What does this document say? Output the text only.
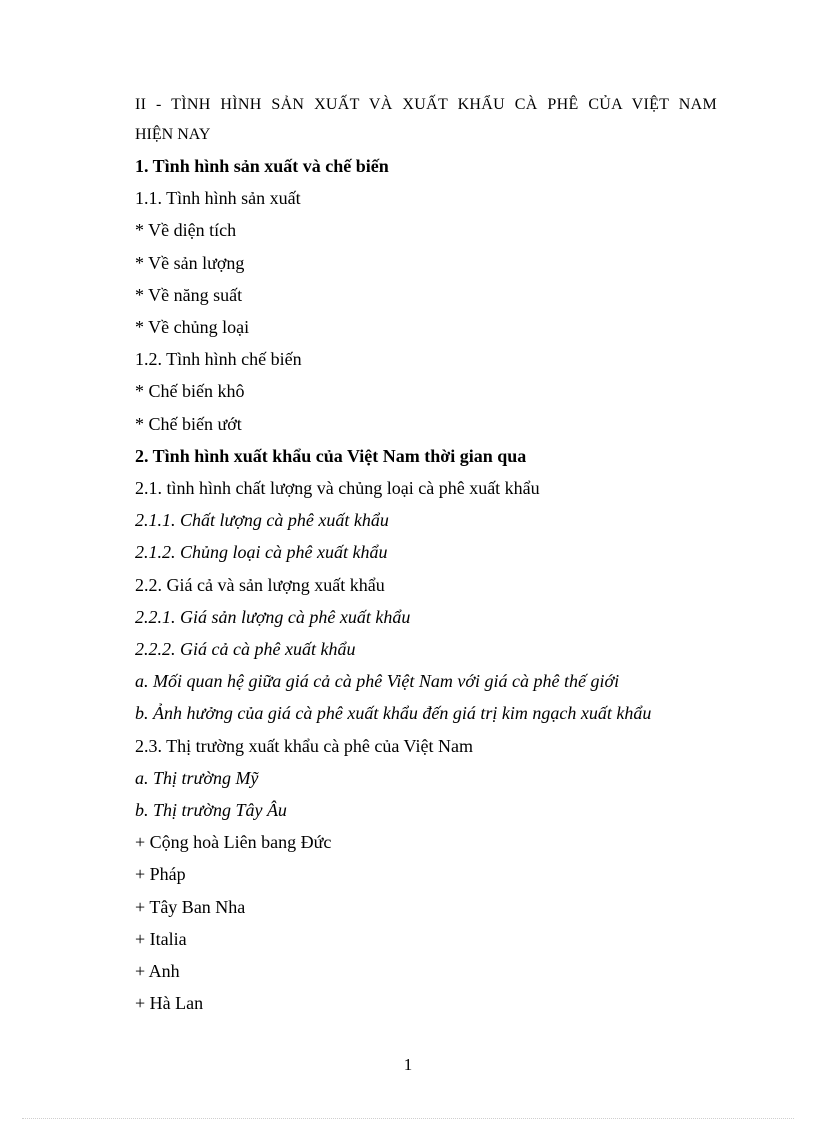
II - TÌNH HÌNH SẢN XUẤT VÀ XUẤT KHẨU CÀ PHÊ CỦA VIỆT NAM

HIỆN NAY

1. Tình hình sản xuất và chế biến

1.1. Tình hình sản xuất

* Về diện tích

* Về sản lượng

* Về năng suất

* Về chủng loại

1.2. Tình hình chế biến

* Chế biến khô

* Chế biến ướt

2. Tình hình xuất khẩu của Việt Nam thời gian qua

2.1. tình hình chất lượng và chủng loại cà phê xuất khẩu

2.1.1. Chất lượng cà phê xuất khẩu

2.1.2. Chủng loại cà phê xuất khẩu

2.2. Giá cả và sản lượng xuất khẩu

2.2.1. Giá sản lượng cà phê xuất khẩu

2.2.2. Giá cả cà phê xuất khẩu

a. Mối quan hệ giữa giá cả cà phê Việt Nam với giá cà phê thế giới

b. Ảnh hưởng của giá cà phê xuất khẩu đến giá trị kim ngạch xuất khẩu

2.3. Thị trường xuất khẩu cà phê của Việt Nam

a. Thị trường Mỹ

b. Thị trường Tây Âu

+ Cộng hoà Liên bang Đức

+ Pháp

+ Tây Ban Nha

+ Italia

+ Anh

+ Hà Lan

1
